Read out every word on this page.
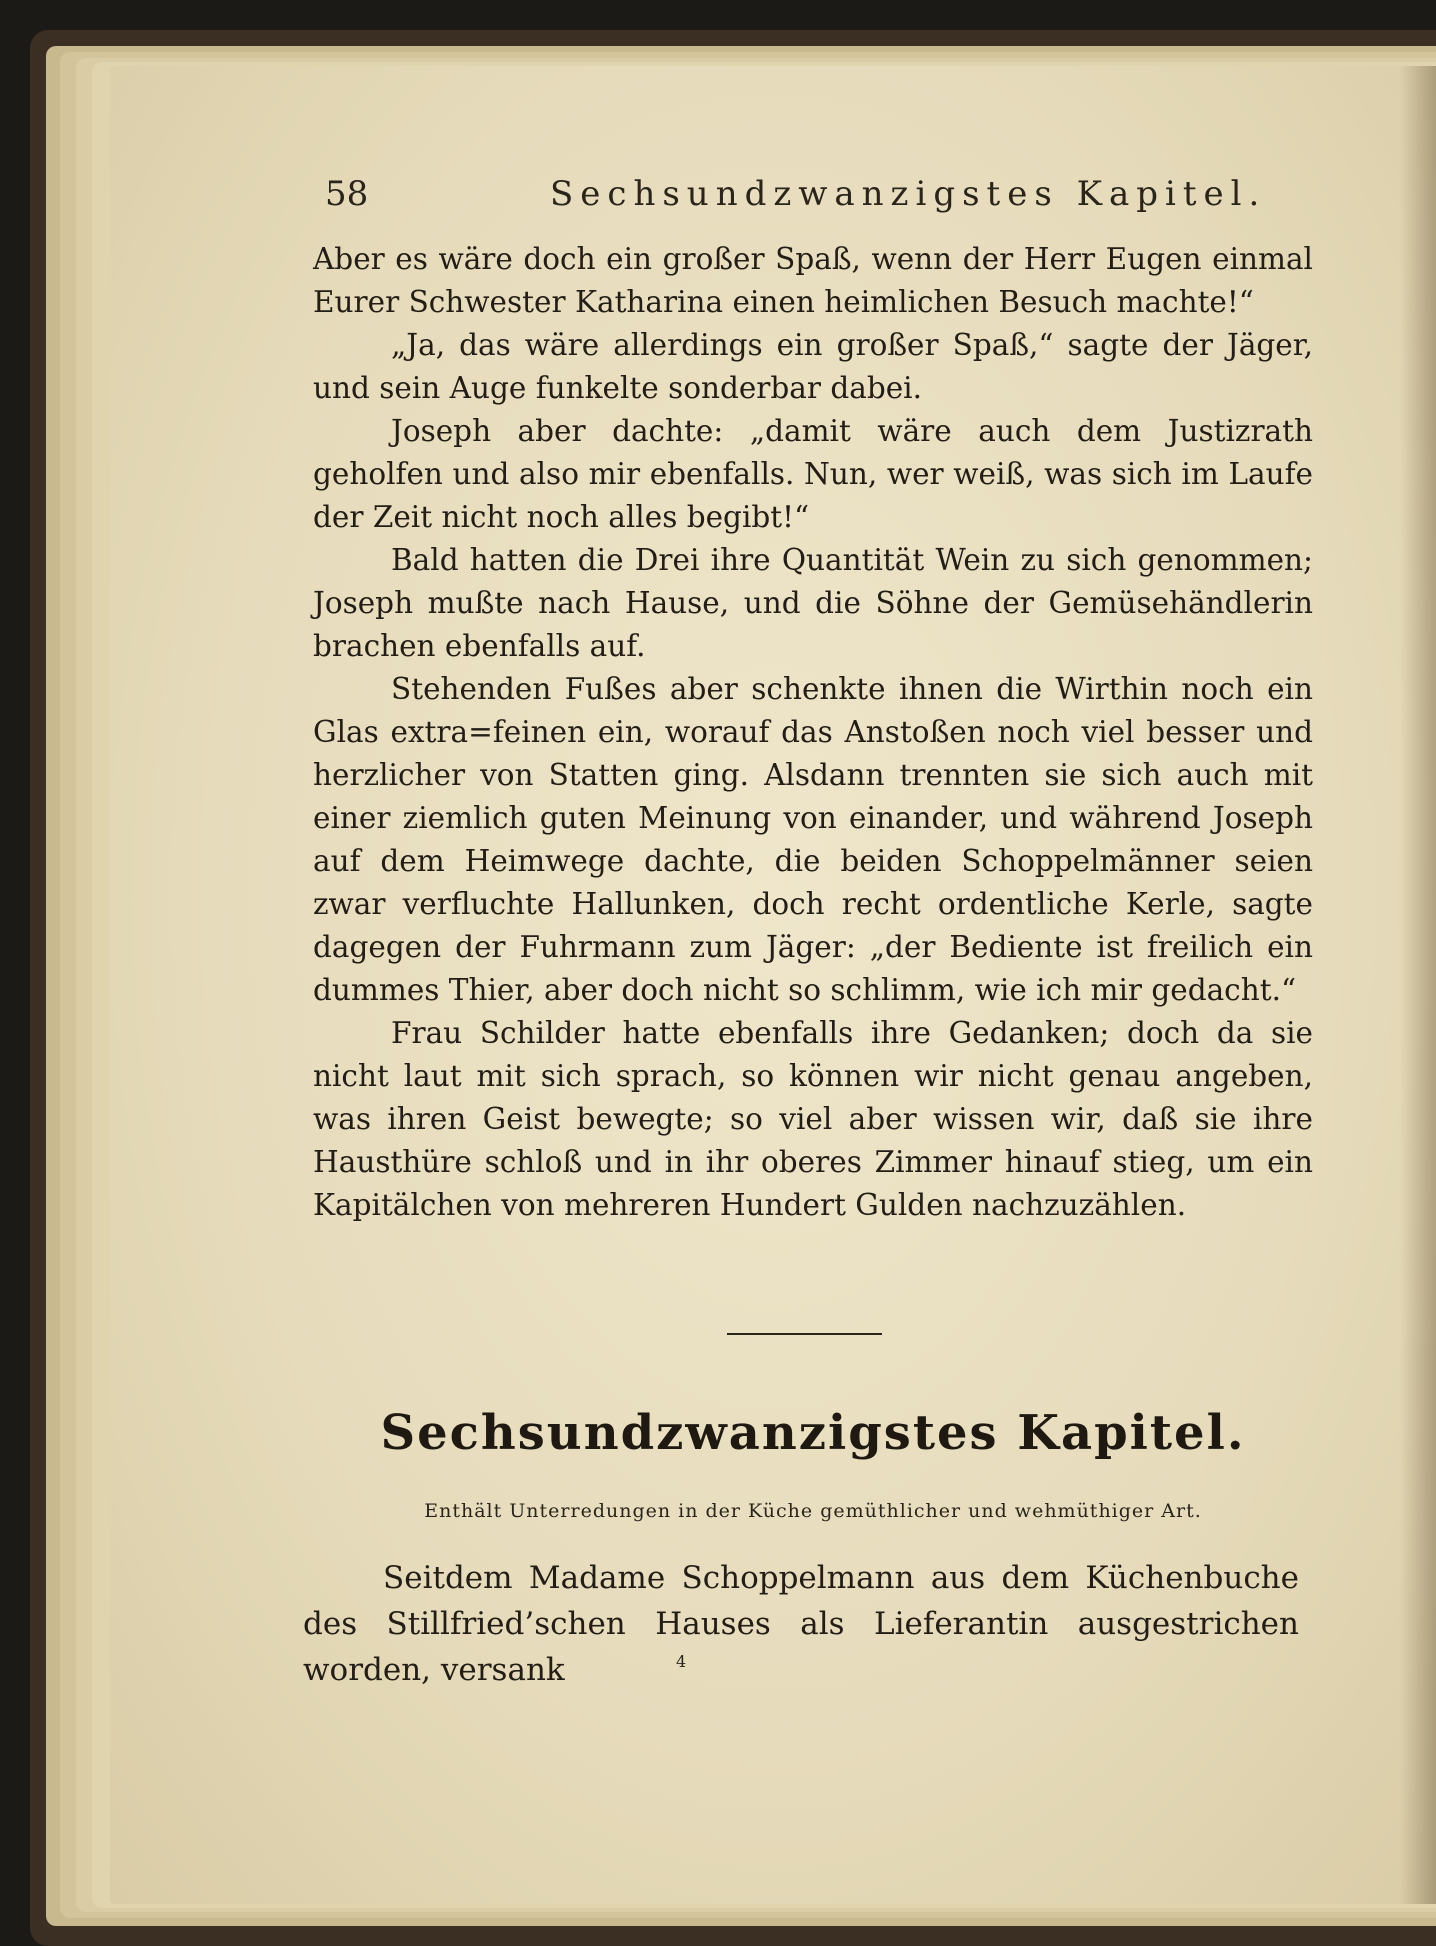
58	Sechsundzwanzigstes Kapitel.

Aber es wäre doch ein großer Spaß, wenn der Herr Eugen einmal Eurer Schwester Katharina einen heimlichen Besuch machte!“

„Ja, das wäre allerdings ein großer Spaß,“ sagte der Jäger, und sein Auge funkelte sonderbar dabei.

Joseph aber dachte: „damit wäre auch dem Justizrath geholfen und also mir ebenfalls. Nun, wer weiß, was sich im Laufe der Zeit nicht noch alles begibt!“

Bald hatten die Drei ihre Quantität Wein zu sich genommen; Joseph mußte nach Hause, und die Söhne der Gemüsehändlerin brachen ebenfalls auf.

Stehenden Fußes aber schenkte ihnen die Wirthin noch ein Glas extra=feinen ein, worauf das Anstoßen noch viel besser und herzlicher von Statten ging. Alsdann trennten sie sich auch mit einer ziemlich guten Meinung von einander, und während Joseph auf dem Heimwege dachte, die beiden Schoppelmänner seien zwar verfluchte Hallunken, doch recht ordentliche Kerle, sagte dagegen der Fuhrmann zum Jäger: „der Bediente ist freilich ein dummes Thier, aber doch nicht so schlimm, wie ich mir gedacht.“

Frau Schilder hatte ebenfalls ihre Gedanken; doch da sie nicht laut mit sich sprach, so können wir nicht genau angeben, was ihren Geist bewegte; so viel aber wissen wir, daß sie ihre Hausthüre schloß und in ihr oberes Zimmer hinauf stieg, um ein Kapitälchen von mehreren Hundert Gulden nachzuzählen.

Sechsundzwanzigstes Kapitel.
Enthält Unterredungen in der Küche gemüthlicher und wehmüthiger Art.

Seitdem Madame Schoppelmann aus dem Küchenbuche des Stillfried’schen Hauses als Lieferantin ausgestrichen worden, versank	4
